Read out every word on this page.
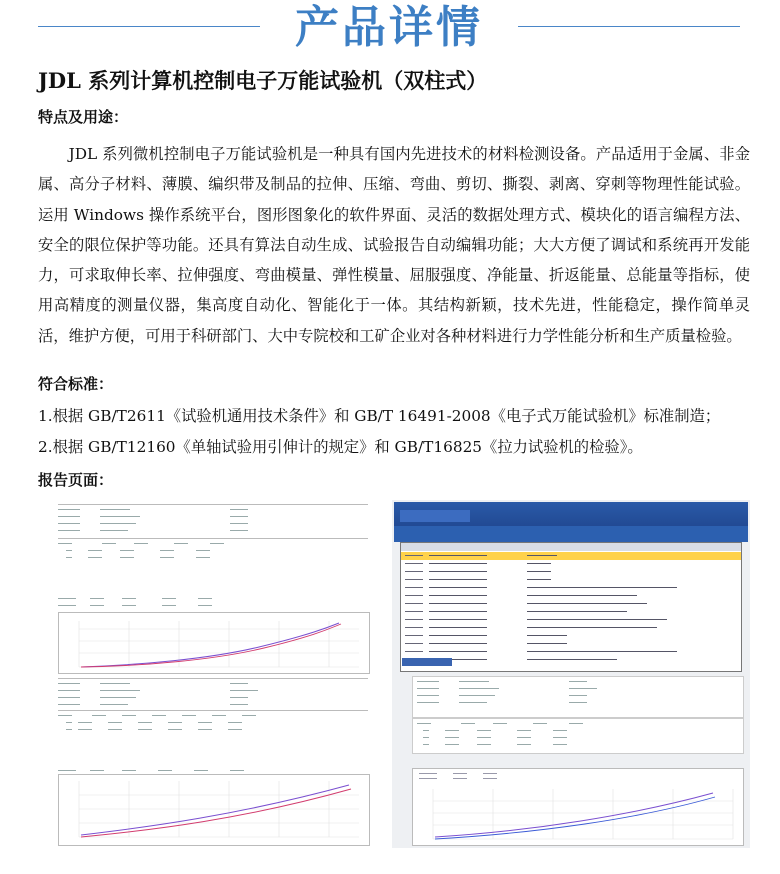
产品详情
JDL 系列计算机控制电子万能试验机（双柱式）
特点及用途：

JDL 系列微机控制电子万能试验机是一种具有国内先进技术的材料检测设备。产品适用于金属、非金属、高分子材料、薄膜、编织带及制品的拉伸、压缩、弯曲、剪切、撕裂、剥离、穿刺等物理性能试验。运用 Windows 操作系统平台，图形图象化的软件界面、灵活的数据处理方式、模块化的语言编程方法、安全的限位保护等功能。还具有算法自动生成、试验报告自动编辑功能；大大方便了调试和系统再开发能力，可求取伸长率、拉伸强度、弯曲模量、弹性模量、屈服强度、净能量、折返能量、总能量等指标，使用高精度的测量仪器，集高度自动化、智能化于一体。其结构新颖，技术先进，性能稳定，操作简单灵活，维护方便，可用于科研部门、大中专院校和工矿企业对各种材料进行力学性能分析和生产质量检验。

符合标准：
1.根据 GB/T2611《试验机通用技术条件》和 GB/T 16491-2008《电子式万能试验机》标准制造；
2.根据 GB/T12160《单轴试验用引伸计的规定》和 GB/T16825《拉力试验机的检验》。
报告页面：
